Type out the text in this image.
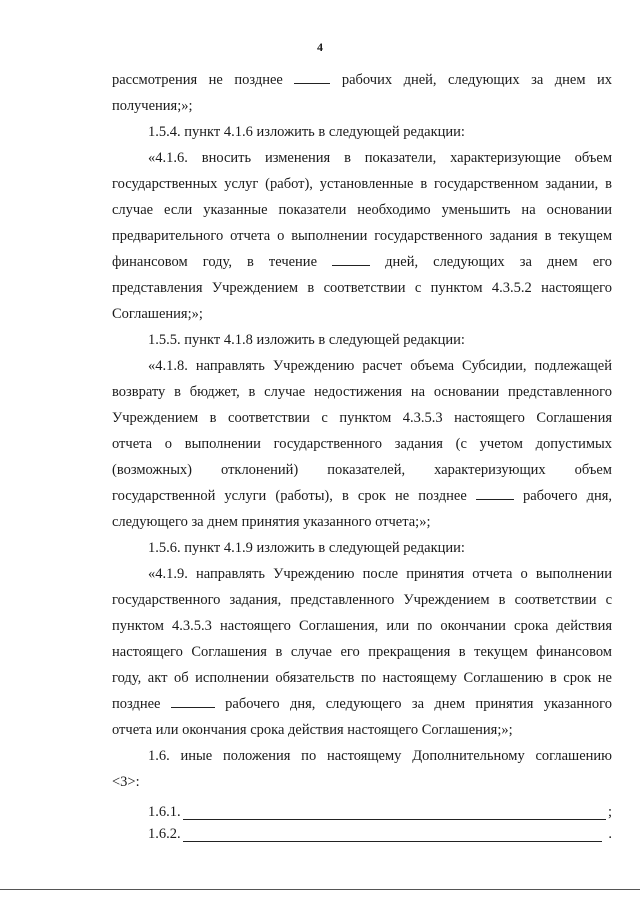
4
рассмотрения не позднее	рабочих дней, следующих за днем их
получения;»;
1.5.4. пункт 4.1.6 изложить в следующей редакции:
«4.1.6. вносить изменения в показатели, характеризующие объем
государственных услуг (работ), установленные в государственном задании, в
случае если указанные показатели необходимо уменьшить на основании
предварительного отчета о выполнении государственного задания в текущем
финансовом году, в течение	дней, следующих за днем его
представления Учреждением в соответствии с пунктом 4.3.5.2 настоящего
Соглашения;»;
1.5.5. пункт 4.1.8 изложить в следующей редакции:
«4.1.8. направлять Учреждению расчет объема Субсидии, подлежащей
возврату в бюджет, в случае недостижения на основании представленного
Учреждением в соответствии с пунктом 4.3.5.3 настоящего Соглашения
отчета о выполнении государственного задания (с учетом допустимых
(возможных) отклонений) показателей, характеризующих объем
государственной услуги (работы), в срок не позднее	рабочего дня,
следующего за днем принятия указанного отчета;»;
1.5.6. пункт 4.1.9 изложить в следующей редакции:
«4.1.9. направлять Учреждению после принятия отчета о выполнении
государственного задания, представленного Учреждением в соответствии с
пунктом 4.3.5.3 настоящего Соглашения, или по окончании срока действия
настоящего Соглашения в случае его прекращения в текущем финансовом
году, акт об исполнении обязательств по настоящему Соглашению в срок не
позднее	рабочего дня, следующего за днем принятия указанного
отчета или окончания срока действия настоящего Соглашения;»;
1.6. иные положения по настоящему Дополнительному соглашению
<3>:
1.6.1.	;
1.6.2.	.
